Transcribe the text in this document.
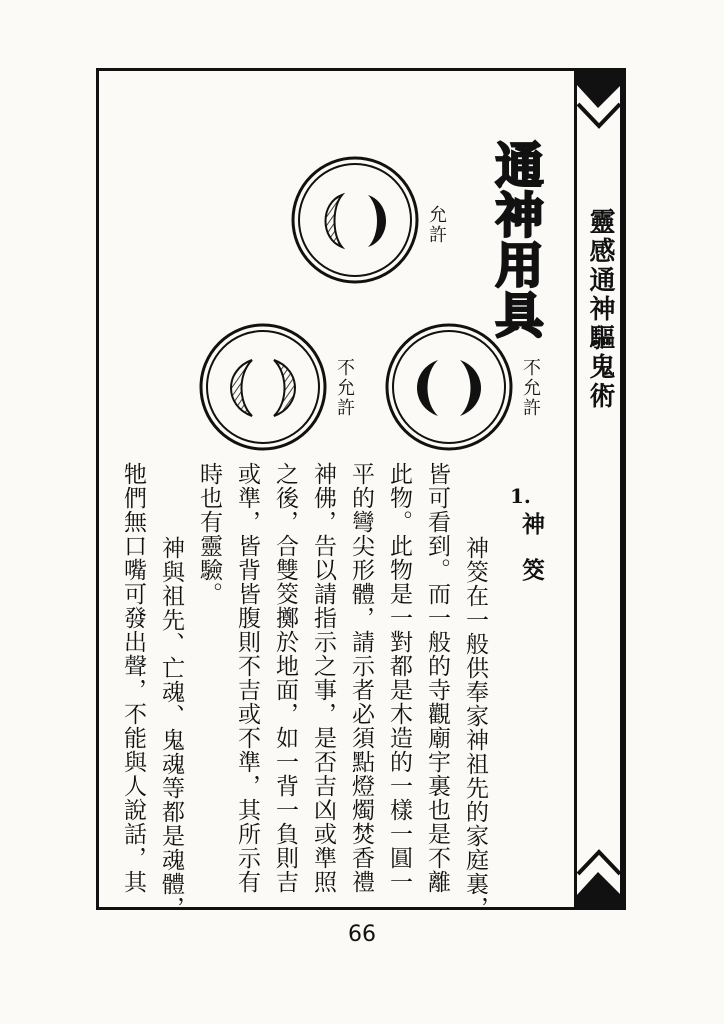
靈感通神驅鬼術
通神用具
允許
不允許	不允許
1.
神　筊
　神筊在一般供奉家神祖先的家庭裏，
皆可看到。而一般的寺觀廟宇裏也是不離
此物。此物是一對都是木造的一樣一圓一
平的彎尖形體，請示者必須點燈燭焚香禮
神佛，告以請指示之事，是否吉凶或準照
之後，合雙筊擲於地面，如一背一負則吉
或準，皆背皆腹則不吉或不準，其所示有
時也有靈驗。
　神與祖先、亡魂、鬼魂等都是魂體，
牠們無口嘴可發出聲，不能與人說話，其
66
